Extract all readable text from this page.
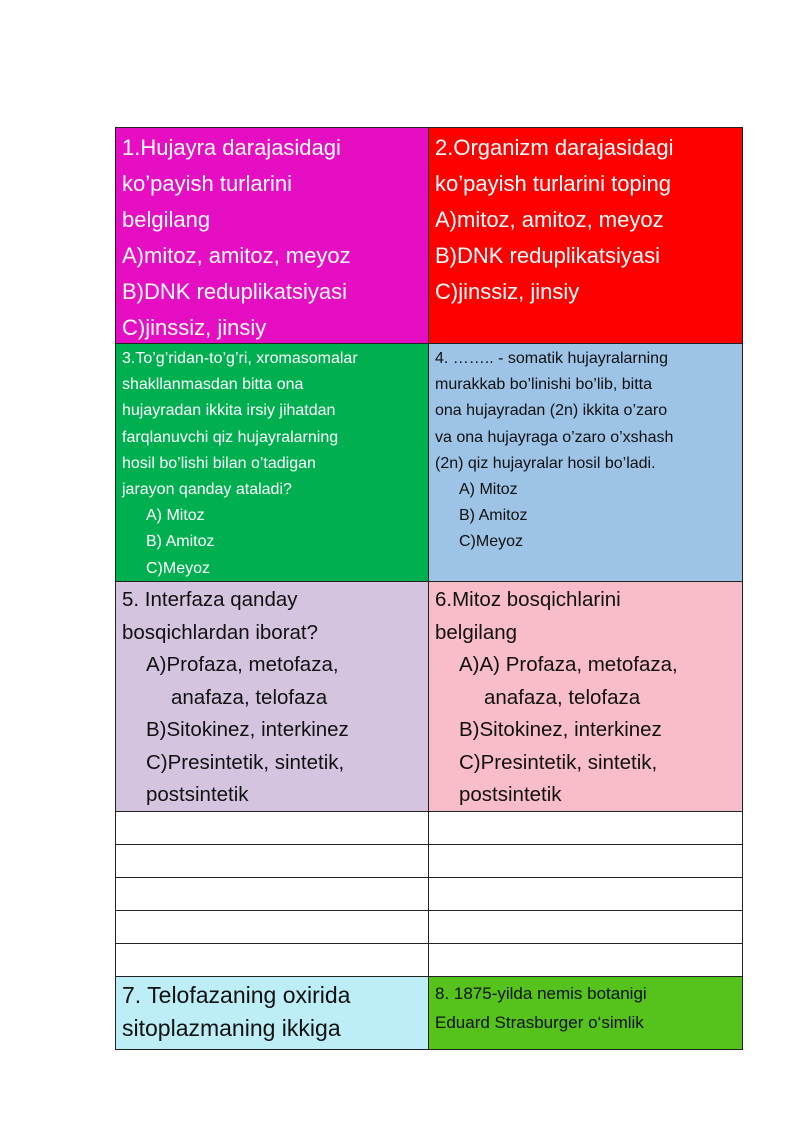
1.Hujayra darajasidagi
ko’payish turlarini
belgilang
A)mitoz, amitoz, meyoz
B)DNK reduplikatsiyasi
C)jinssiz, jinsiy
2.Organizm darajasidagi
ko’payish turlarini toping
A)mitoz, amitoz, meyoz
B)DNK reduplikatsiyasi
C)jinssiz, jinsiy
3.To’g’ridan-to’g’ri, xromasomalar
shakllanmasdan bitta ona
hujayradan ikkita irsiy jihatdan
farqlanuvchi qiz hujayralarning
hosil bo’lishi bilan o’tadigan
jarayon qanday ataladi?
A) Mitoz
B) Amitoz
C)Meyoz
4. …….. - somatik hujayralarning
murakkab bo’linishi bo’lib, bitta
ona hujayradan (2n) ikkita o’zaro
va ona hujayraga o’zaro o’xshash
(2n) qiz hujayralar hosil bo’ladi.
A) Mitoz
B) Amitoz
C)Meyoz
5. Interfaza qanday
bosqichlardan iborat?
A)Profaza, metofaza,
anafaza, telofaza
B)Sitokinez, interkinez
C)Presintetik, sintetik,
postsintetik
6.Mitoz bosqichlarini
belgilang
A)A) Profaza, metofaza,
anafaza, telofaza
B)Sitokinez, interkinez
C)Presintetik, sintetik,
postsintetik
7. Telofazaning oxirida
sitoplazmaning ikkiga
8. 1875-yilda nemis botanigi
Eduard Strasburger o‘simlik
